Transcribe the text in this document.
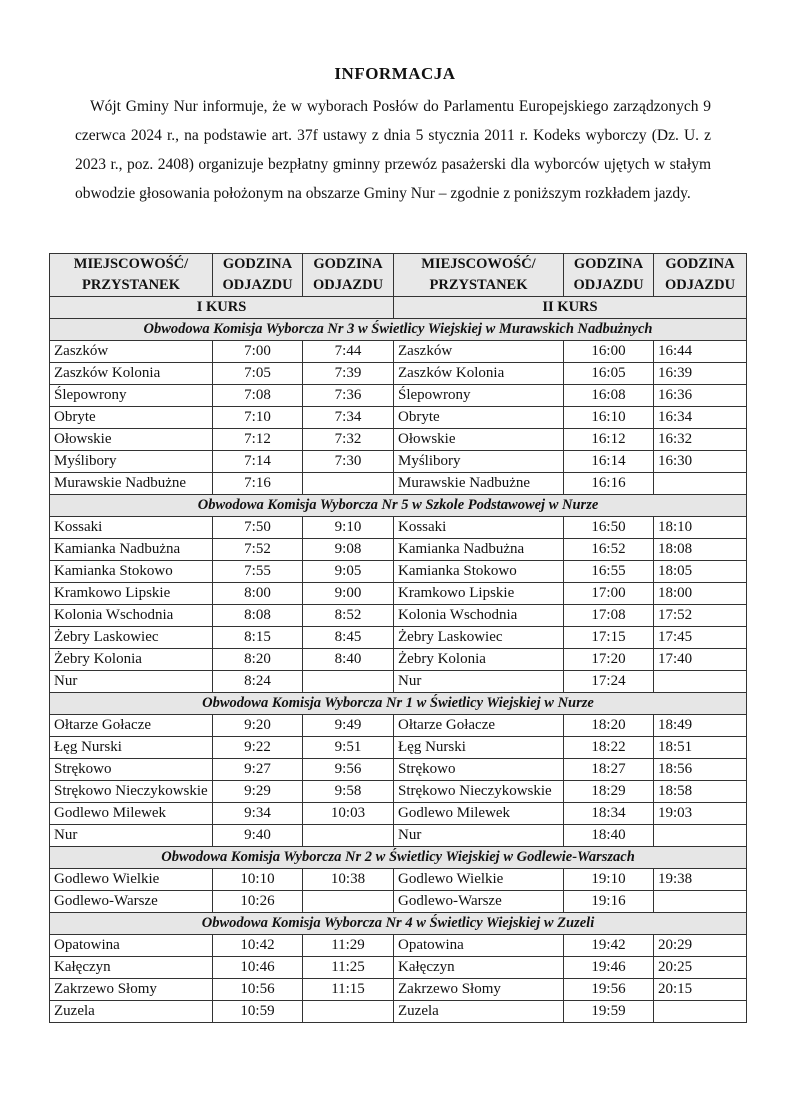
INFORMACJA
Wójt Gminy Nur informuje, że w wyborach Posłów do Parlamentu Europejskiego zarządzonych 9 czerwca 2024 r., na podstawie art. 37f ustawy z dnia 5 stycznia 2011 r. Kodeks wyborczy (Dz. U. z 2023 r., poz. 2408) organizuje bezpłatny gminny przewóz pasażerski dla wyborców ujętych w stałym obwodzie głosowania położonym na obszarze Gminy Nur – zgodnie z poniższym rozkładem jazdy.
MIEJSCOWOŚĆ/ PRZYSTANEK	GODZINA ODJAZDU	GODZINA ODJAZDU	MIEJSCOWOŚĆ/ PRZYSTANEK	GODZINA ODJAZDU	GODZINA ODJAZDU
I KURS			II KURS		
Obwodowa Komisja Wyborcza Nr 3 w Świetlicy Wiejskiej w Murawskich Nadbużnych					
Zaszków	7:00	7:44	Zaszków	16:00	16:44
Zaszków Kolonia	7:05	7:39	Zaszków Kolonia	16:05	16:39
Ślepowrony	7:08	7:36	Ślepowrony	16:08	16:36
Obryte	7:10	7:34	Obryte	16:10	16:34
Ołowskie	7:12	7:32	Ołowskie	16:12	16:32
Myślibory	7:14	7:30	Myślibory	16:14	16:30
Murawskie Nadbużne	7:16		Murawskie Nadbużne	16:16	
Obwodowa Komisja Wyborcza Nr 5 w Szkole Podstawowej w Nurze					
Kossaki	7:50	9:10	Kossaki	16:50	18:10
Kamianka Nadbużna	7:52	9:08	Kamianka Nadbużna	16:52	18:08
Kamianka Stokowo	7:55	9:05	Kamianka Stokowo	16:55	18:05
Kramkowo Lipskie	8:00	9:00	Kramkowo Lipskie	17:00	18:00
Kolonia Wschodnia	8:08	8:52	Kolonia Wschodnia	17:08	17:52
Żebry Laskowiec	8:15	8:45	Żebry Laskowiec	17:15	17:45
Żebry Kolonia	8:20	8:40	Żebry Kolonia	17:20	17:40
Nur	8:24		Nur	17:24	
Obwodowa Komisja Wyborcza Nr 1 w Świetlicy Wiejskiej w Nurze					
Ołtarze Gołacze	9:20	9:49	Ołtarze Gołacze	18:20	18:49
Łęg Nurski	9:22	9:51	Łęg Nurski	18:22	18:51
Strękowo	9:27	9:56	Strękowo	18:27	18:56
Strękowo Nieczykowskie	9:29	9:58	Strękowo Nieczykowskie	18:29	18:58
Godlewo Milewek	9:34	10:03	Godlewo Milewek	18:34	19:03
Nur	9:40		Nur	18:40	
Obwodowa Komisja Wyborcza Nr 2 w Świetlicy Wiejskiej w Godlewie-Warszach					
Godlewo Wielkie	10:10	10:38	Godlewo Wielkie	19:10	19:38
Godlewo-Warsze	10:26		Godlewo-Warsze	19:16	
Obwodowa Komisja Wyborcza Nr 4 w Świetlicy Wiejskiej w Zuzeli					
Opatowina	10:42	11:29	Opatowina	19:42	20:29
Kałęczyn	10:46	11:25	Kałęczyn	19:46	20:25
Zakrzewo Słomy	10:56	11:15	Zakrzewo Słomy	19:56	20:15
Zuzela	10:59		Zuzela	19:59	
